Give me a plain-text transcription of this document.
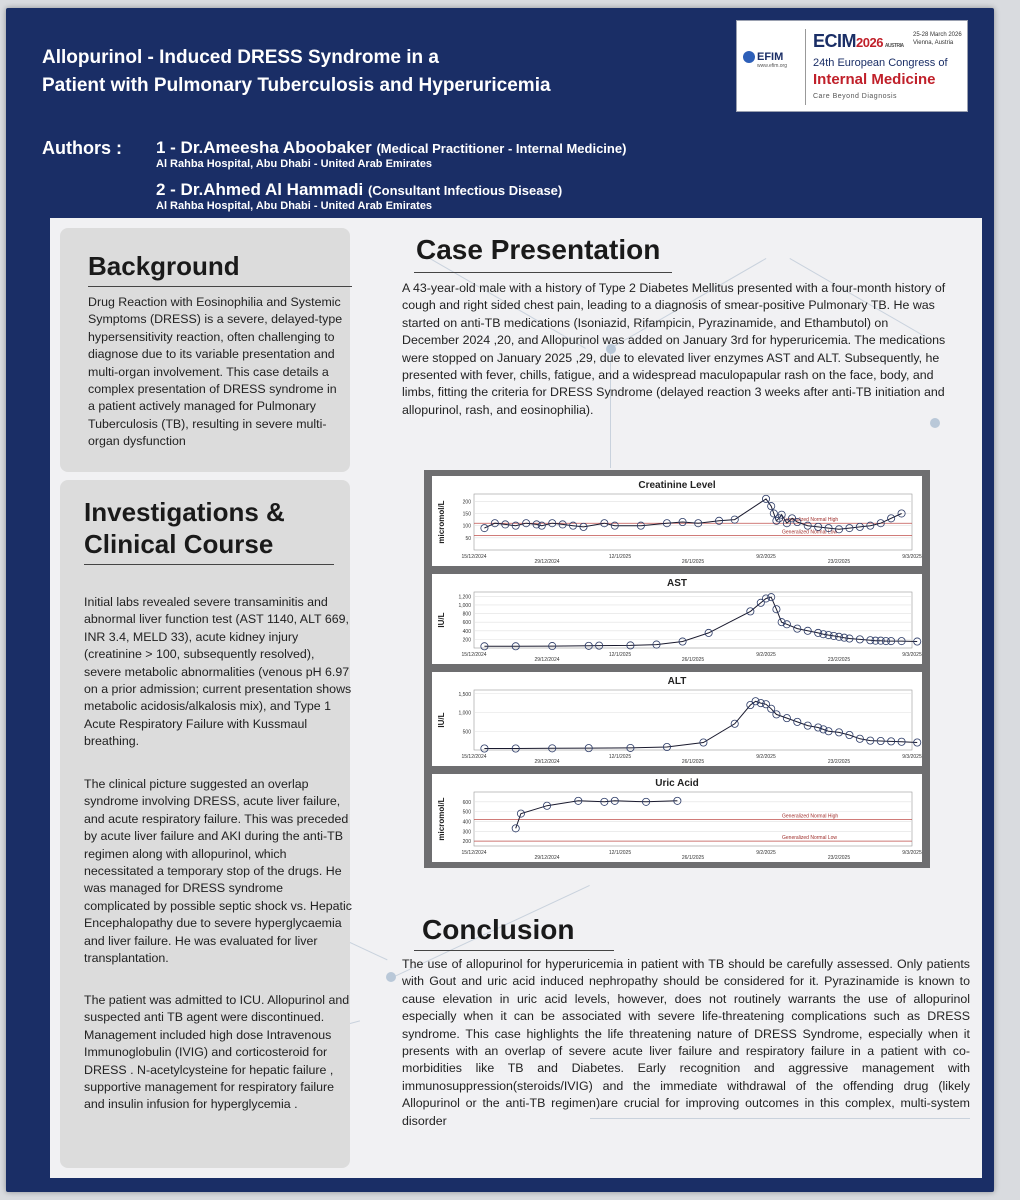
Allopurinol - Induced DRESS Syndrome in a
Patient with Pulmonary Tuberculosis and Hyperuricemia
EFIM
www.efim.org
ECIM2026 AUSTRIA
25-28 March 2026
Vienna, Austria
24th European Congress of
Internal Medicine
Care Beyond Diagnosis
Authors : 1 - Dr.Ameesha Aboobaker (Medical Practitioner - Internal Medicine)
Al Rahba Hospital, Abu Dhabi - United Arab Emirates
2 - Dr.Ahmed Al Hammadi (Consultant Infectious Disease)
Al Rahba Hospital, Abu Dhabi - United Arab Emirates
Background
Drug Reaction with Eosinophilia and Systemic Symptoms (DRESS) is a severe, delayed-type hypersensitivity reaction, often challenging to diagnose due to its variable presentation and multi-organ involvement. This case details a complex presentation of DRESS syndrome in a patient actively managed for Pulmonary Tuberculosis (TB), resulting in severe multi-organ dysfunction
Investigations &
Clinical Course
Initial labs revealed severe transaminitis and abnormal liver function test (AST 1140, ALT 669, INR 3.4, MELD 33), acute kidney injury (creatinine > 100, subsequently resolved), severe metabolic abnormalities (venous pH 6.97 on a prior admission; current presentation shows metabolic acidosis/alkalosis mix), and Type 1 Acute Respiratory Failure with Kussmaul breathing.
The clinical picture suggested an overlap syndrome involving DRESS, acute liver failure, and acute respiratory failure. This was preceded by acute liver failure and AKI during the anti-TB regimen along with allopurinol, which necessitated a temporary stop of the drugs. He was managed for DRESS syndrome complicated by possible septic shock vs. Hepatic Encephalopathy due to severe hyperglycaemia and liver failure. He was evaluated for liver transplantation.
The patient was admitted to ICU. Allopurinol and suspected anti TB agent were discontinued. Management included high dose Intravenous Immunoglobulin (IVIG) and corticosteroid for DRESS . N-acetylcysteine for hepatic failure , supportive management for respiratory failure and insulin infusion for hyperglycemia .
Case Presentation
A 43-year-old male with a history of Type 2 Diabetes Mellitus presented with a four-month history of cough and right sided chest pain, leading to a diagnosis of smear-positive Pulmonary TB. He was started on anti-TB medications (Isoniazid, Rifampicin, Pyrazinamide, and Ethambutol) on December 2024 ,20, and Allopurinol was added on January 3rd for hyperuricemia. The medications were stopped on January 2025 ,29, due to elevated liver enzymes AST and ALT. Subsequently, he presented with fever, chills, fatigue, and a widespread maculopapular rash on the face, body, and limbs, fitting the criteria for DRESS Syndrome (delayed reaction 3 weeks after anti-TB initiation and allopurinol, rash, and eosinophilia).
Conclusion
The use of allopurinol for hyperuricemia in patient with TB should be carefully assessed. Only patients with Gout and uric acid induced nephropathy should be considered for it. Pyrazinamide is known to cause elevation in uric acid levels, however, does not routinely warrants the use of allopurinol especially when it can be associated with severe life-threatening complications such as DRESS syndrome. This case highlights the life threatening nature of DRESS Syndrome, especially when it presents with an overlap of severe acute liver failure and respiratory failure in a patient with co-morbidities like TB and Diabetes. Early recognition and aggressive management with immunosuppression(steroids/IVIG) and the immediate withdrawal of the offending drug (likely Allopurinol or the anti-TB regimen)are crucial for improving outcomes in this complex, multi-system disorder
Creatinine Level
50
100
150
200
micromol/L
15/12/2024
29/12/2024
12/1/2025
26/1/2025
9/2/2025
23/2/2025
9/3/2025
Generalized Normal High
Generalized Normal Low
AST
200
400
600
800
1,000
1,200
IU/L
15/12/2024
29/12/2024
12/1/2025
26/1/2025
9/2/2025
23/2/2025
9/3/2025
ALT
500
1,000
1,500
IU/L
15/12/2024
29/12/2024
12/1/2025
26/1/2025
9/2/2025
23/2/2025
9/3/2025
Uric Acid
200
300
400
500
600
micromol/L
15/12/2024
29/12/2024
12/1/2025
26/1/2025
9/2/2025
23/2/2025
9/3/2025
Generalized Normal High
Generalized Normal Low
